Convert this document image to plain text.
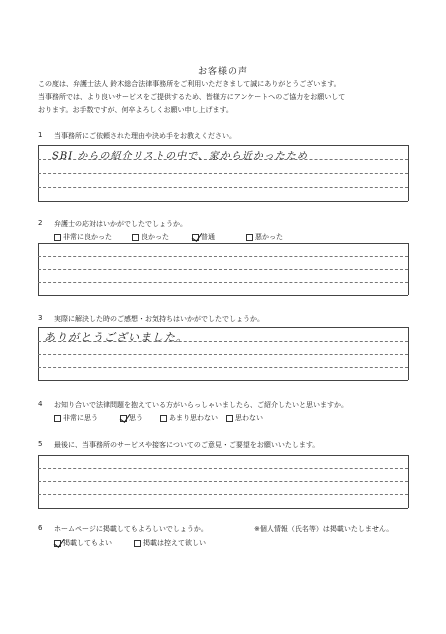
お客様の声
この度は、弁護士法人 鈴木総合法律事務所をご利用いただきまして誠にありがとうございます。
当事務所では、より良いサービスをご提供するため、皆様方にアンケートへのご協力をお願いして
おります。お手数ですが、何卒よろしくお願い申し上げます。
1 当事務所にご依頼された理由や決め手をお教えください。
SBI からの紹介リストの中で、家から近かったため
2 弁護士の応対はいかがでしたでしょうか。
非常に良かった	良かった	普通	悪かった
3 実際に解決した時のご感想・お気持ちはいかがでしたでしょうか。
ありがとうございました。
4 お知り合いで法律問題を抱えている方がいらっしゃいましたら、ご紹介したいと思いますか。
非常に思う	思う	あまり思わない 思わない
5 最後に、当事務所のサービスや接客についてのご意見・ご要望をお願いいたします。
6 ホームページに掲載してもよろしいでしょうか。	※個人情報（氏名等）は掲載いたしません。
掲載してもよい	掲載は控えて欲しい
